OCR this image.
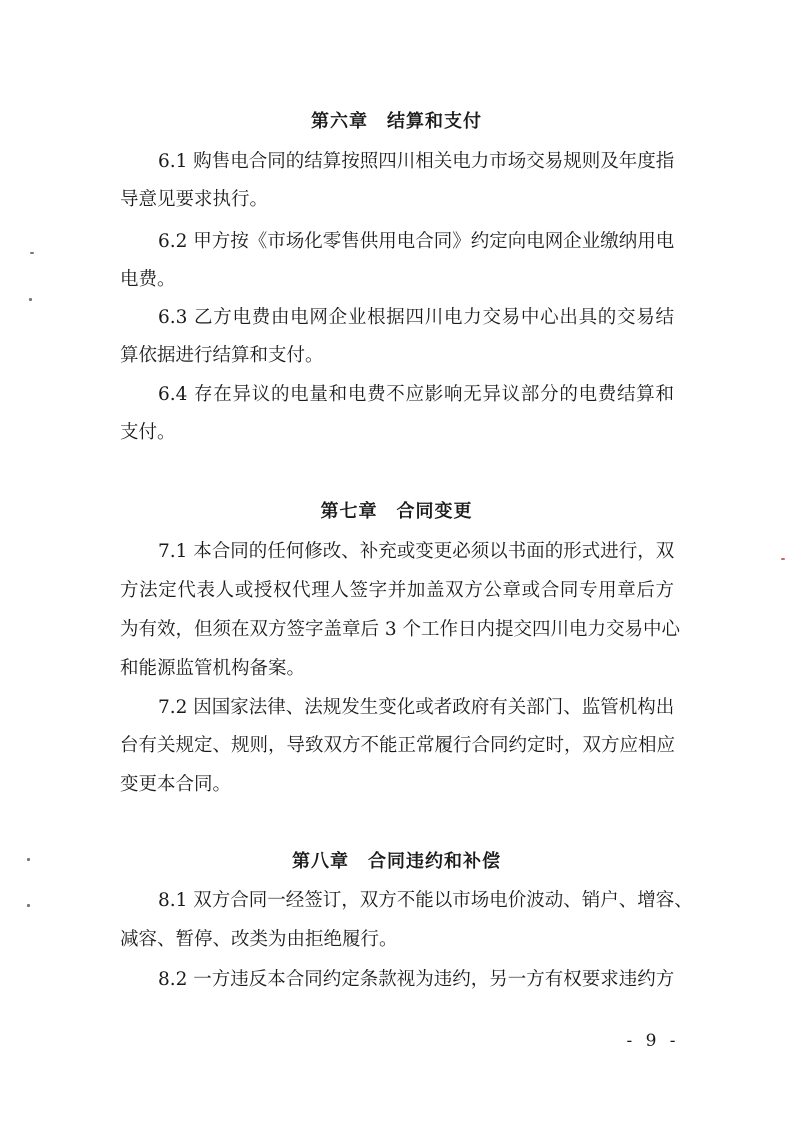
第六章　结算和支付
6.1 购售电合同的结算按照四川相关电力市场交易规则及年度指
导意见要求执行。
6.2 甲方按《市场化零售供用电合同》约定向电网企业缴纳用电
电费。
6.3 乙方电费由电网企业根据四川电力交易中心出具的交易结
算依据进行结算和支付。
6.4 存在异议的电量和电费不应影响无异议部分的电费结算和
支付。
第七章　合同变更
7.1 本合同的任何修改、补充或变更必须以书面的形式进行，双
方法定代表人或授权代理人签字并加盖双方公章或合同专用章后方
为有效，但须在双方签字盖章后 3 个工作日内提交四川电力交易中心
和能源监管机构备案。
7.2 因国家法律、法规发生变化或者政府有关部门、监管机构出
台有关规定、规则，导致双方不能正常履行合同约定时，双方应相应
变更本合同。
第八章　合同违约和补偿
8.1 双方合同一经签订，双方不能以市场电价波动、销户、增容、
减容、暂停、改类为由拒绝履行。
8.2 一方违反本合同约定条款视为违约，另一方有权要求违约方
- 9 -
